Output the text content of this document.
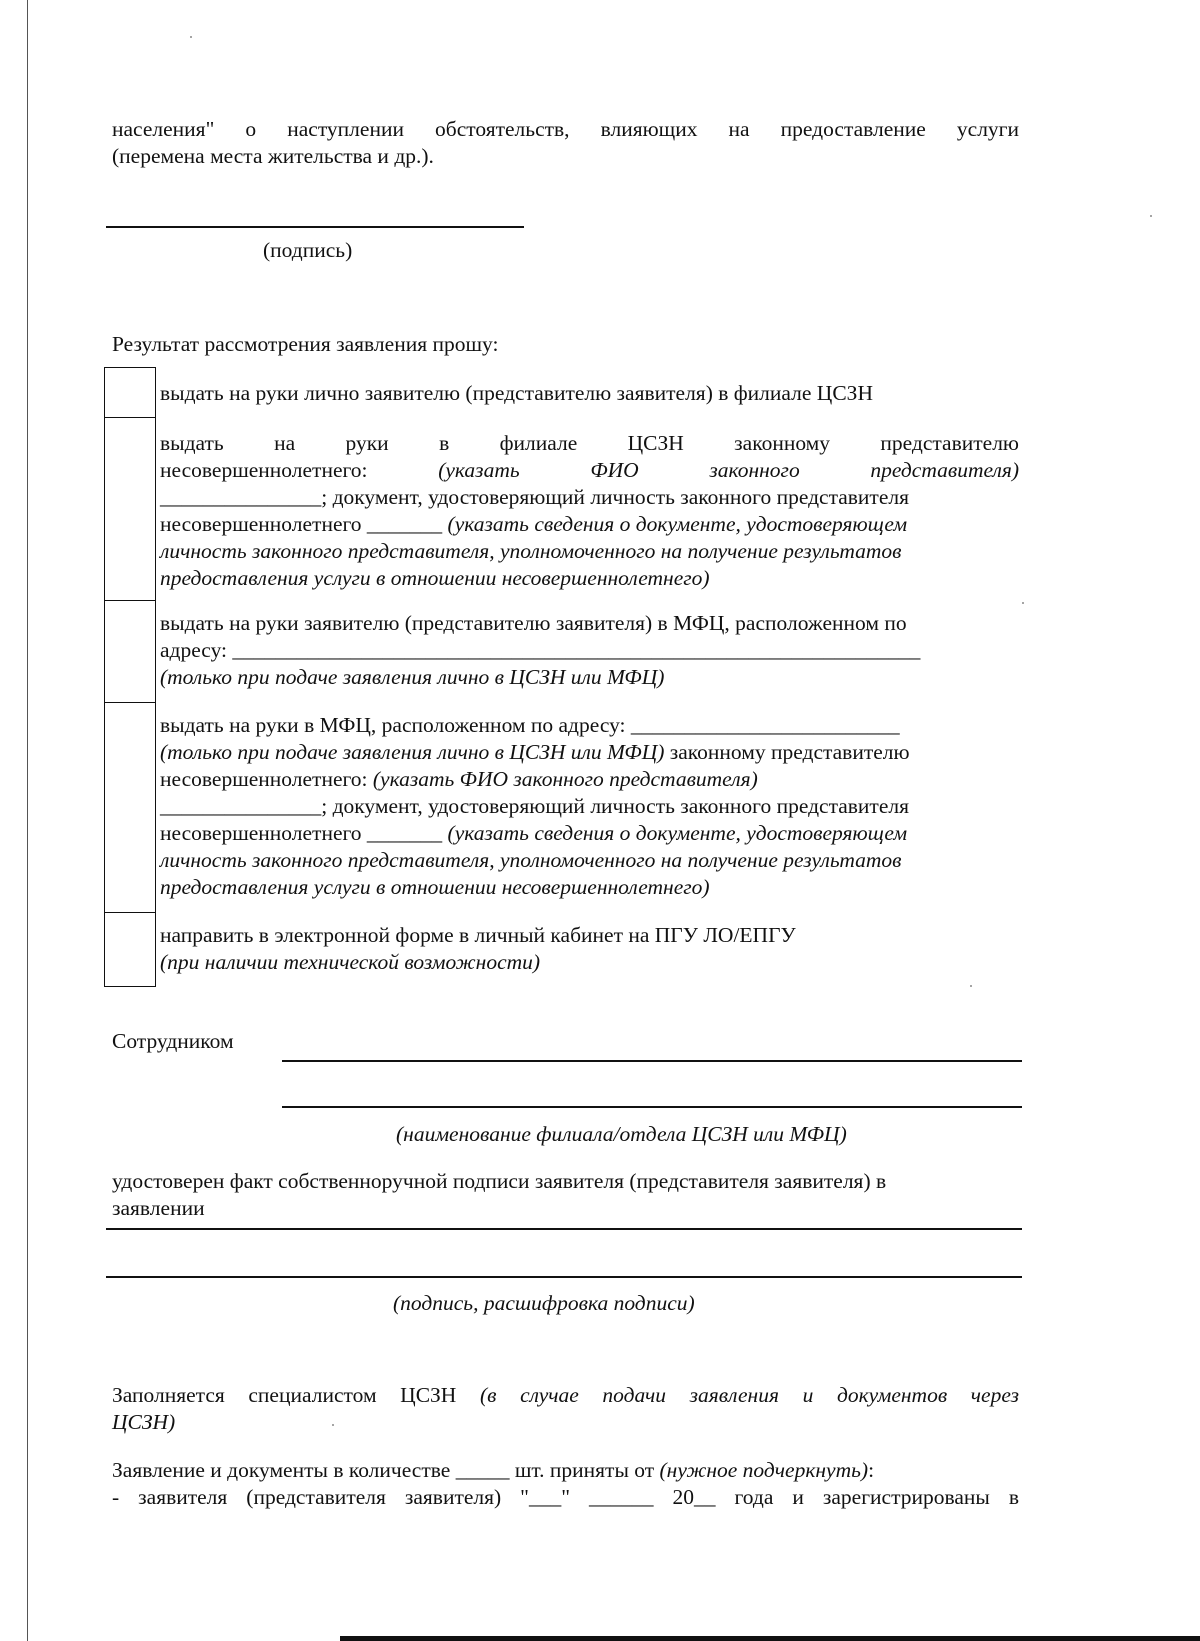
населения" о наступлении обстоятельств, влияющих на предоставление услуги
(перемена места жительства и др.).
(подпись)
Результат рассмотрения заявления прошу:

выдать на руки лично заявителю (представителю заявителя) в филиале ЦСЗН

выдать на руки в филиале ЦСЗН законному представителю

несовершеннолетнего:	(указать ФИО законного представителя)

_______________; документ, удостоверяющий личность законного представителя

несовершеннолетнего _______ (указать сведения о документе, удостоверяющем

личность законного представителя, уполномоченного на получение результатов

предоставления услуги в отношении несовершеннолетнего)

выдать на руки заявителю (представителю заявителя) в МФЦ, расположенном по

адресу: ________________________________________________________________

(только при подаче заявления лично в ЦСЗН или МФЦ)

выдать на руки в МФЦ, расположенном по адресу: _________________________

(только при подаче заявления лично в ЦСЗН или МФЦ) законному представителю

несовершеннолетнего: (указать ФИО законного представителя)

_______________; документ, удостоверяющий личность законного представителя

несовершеннолетнего _______ (указать сведения о документе, удостоверяющем

личность законного представителя, уполномоченного на получение результатов

предоставления услуги в отношении несовершеннолетнего)

направить в электронной форме в личный кабинет на ПГУ ЛО/ЕПГУ

(при наличии технической возможности)

Сотрудником
(наименование филиала/отдела ЦСЗН или МФЦ)
удостоверен факт собственноручной подписи заявителя (представителя заявителя) в
заявлении
(подпись, расшифровка подписи)
Заполняется специалистом ЦСЗН (в случае подачи заявления и документов через
ЦСЗН)
Заявление и документы в количестве _____ шт. приняты от (нужное подчеркнуть):
- заявителя (представителя заявителя) "___" ______ 20__ года и зарегистрированы в
